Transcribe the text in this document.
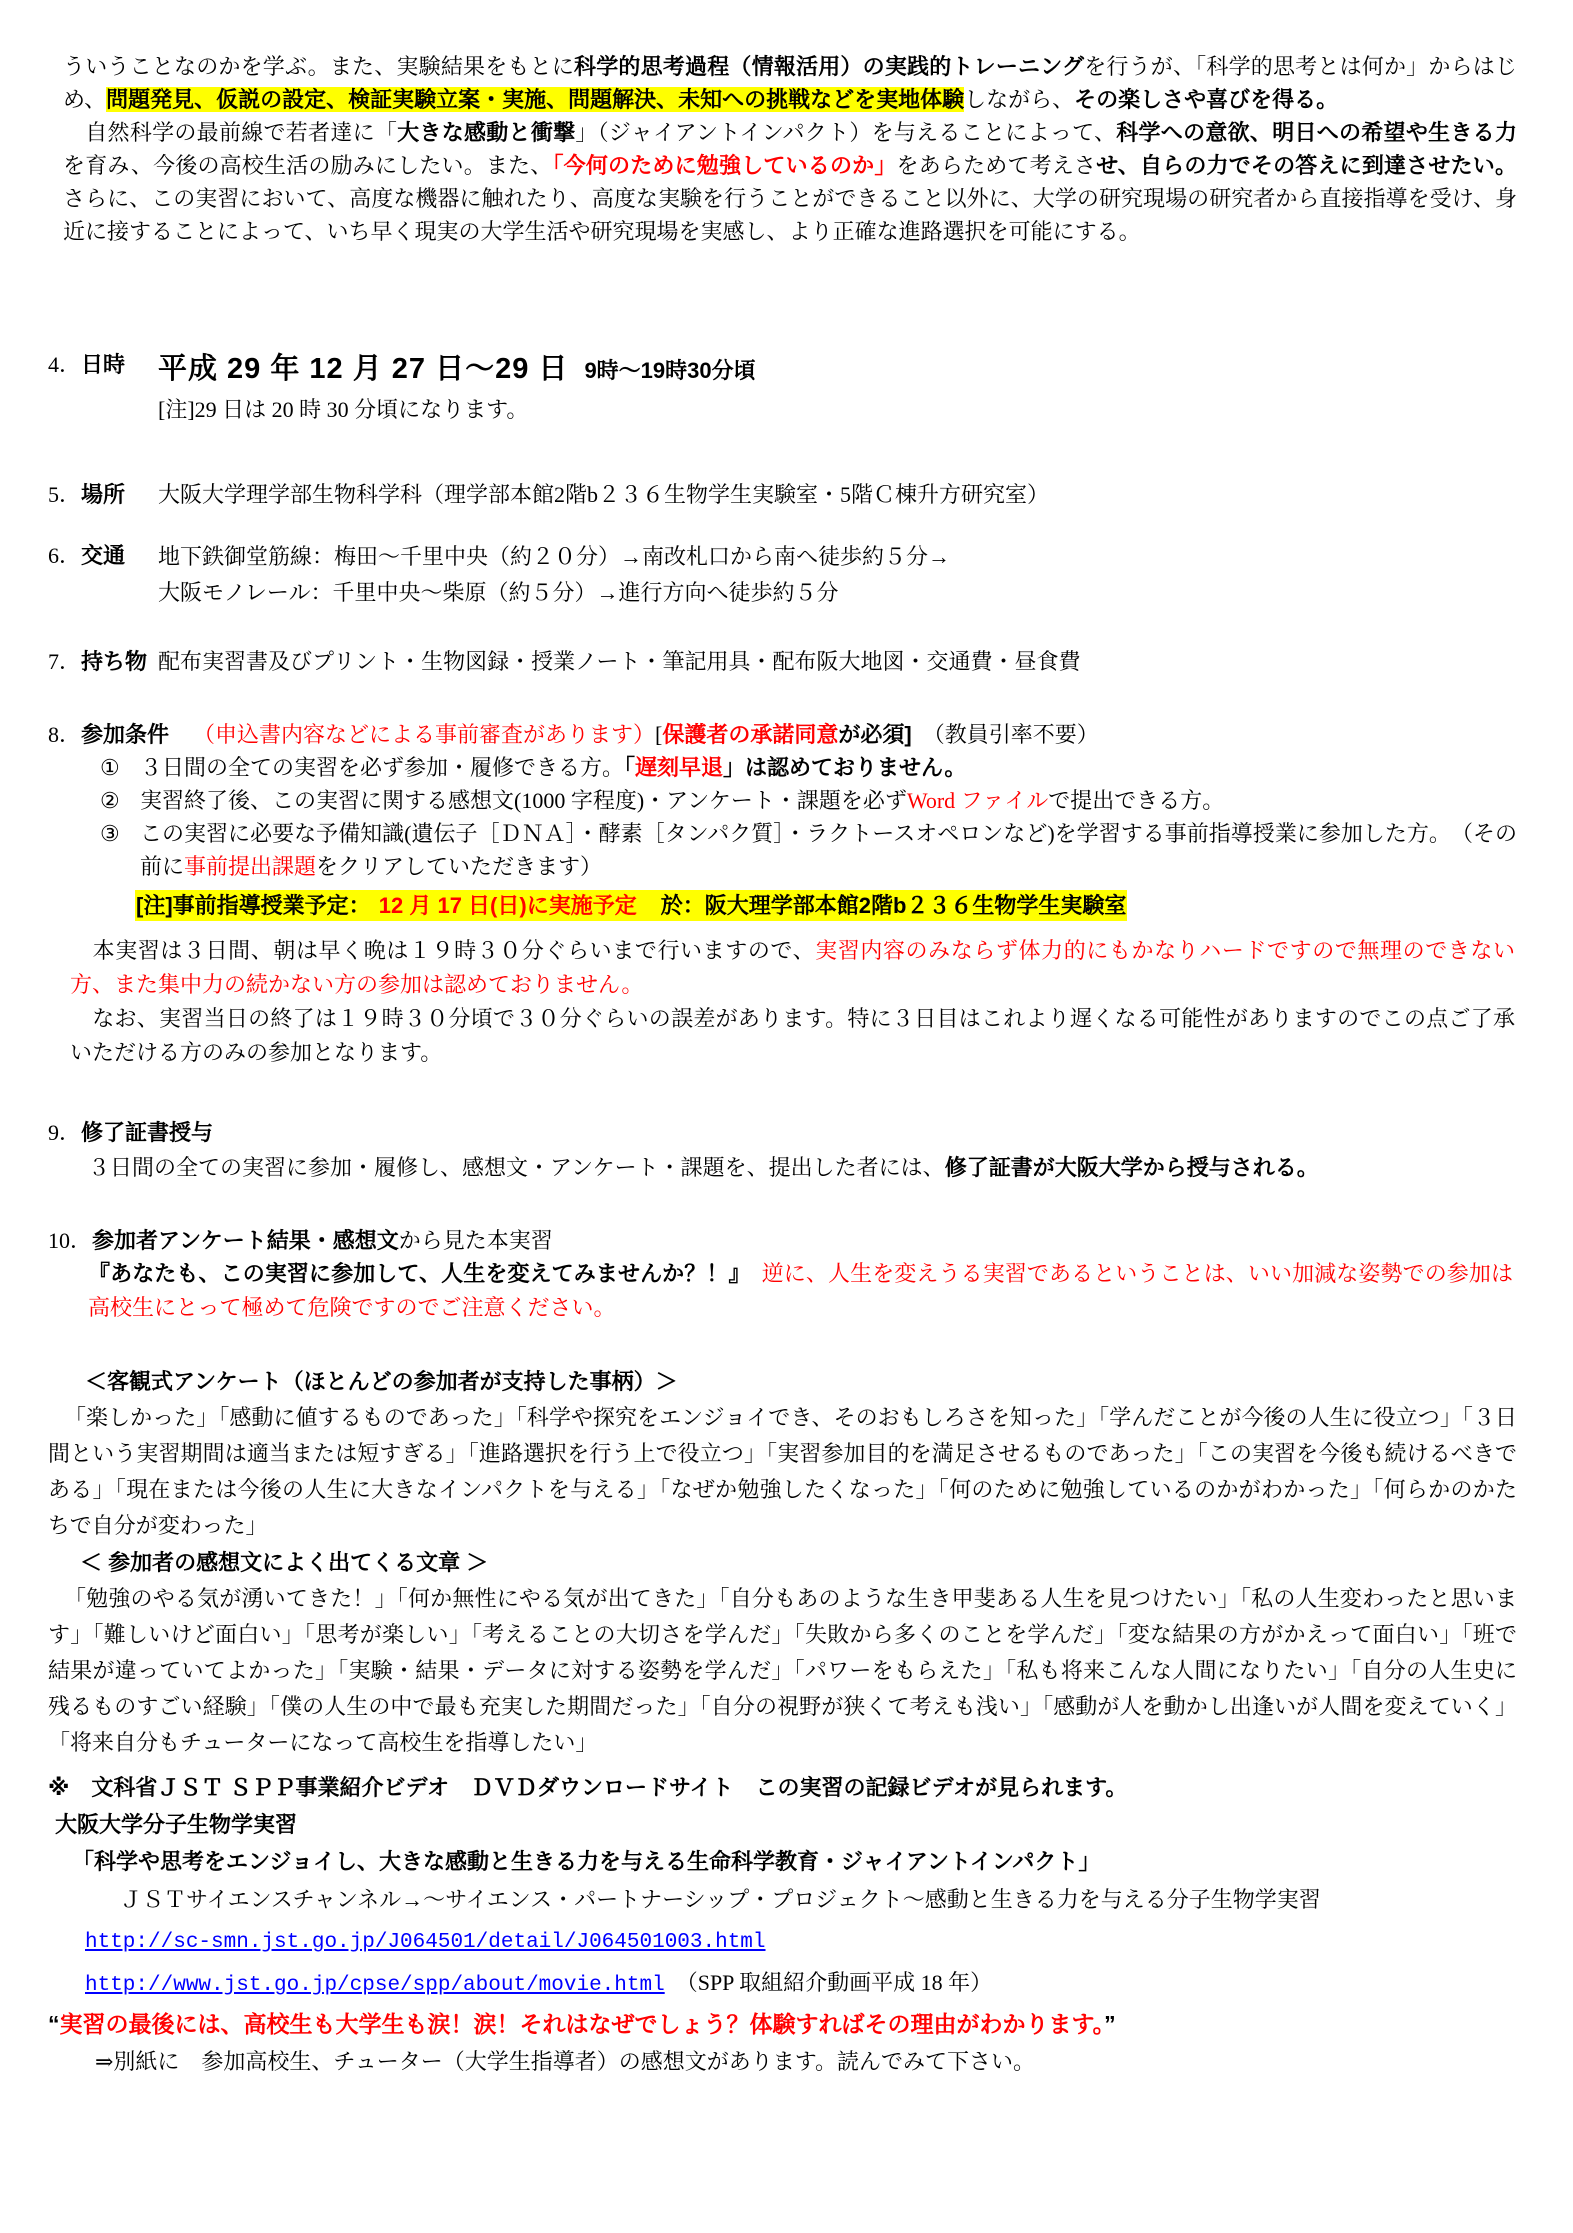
ういうことなのかを学ぶ。また、実験結果をもとに科学的思考過程（情報活用）の実践的トレーニングを行うが、「科学的思考とは何か」からはじめ、問題発見、仮説の設定、検証実験立案・実施、問題解決、未知への挑戦などを実地体験しながら、その楽しさや喜びを得る。

　自然科学の最前線で若者達に「大きな感動と衝撃」（ジャイアントインパクト）を与えることによって、科学への意欲、明日への希望や生きる力を育み、今後の高校生活の励みにしたい。また、「今何のために勉強しているのか」をあらためて考えさせ、自らの力でその答えに到達させたい。さらに、この実習において、高度な機器に触れたり、高度な実験を行うことができること以外に、大学の研究現場の研究者から直接指導を受け、身近に接することによって、いち早く現実の大学生活や研究現場を実感し、より正確な進路選択を可能にする。

4．日時	平成 29 年 12 月 27 日～29 日 9時～19時30分頃
[注]29 日は 20 時 30 分頃になります。
5．場所	大阪大学理学部生物科学科（理学部本館2階b２３６生物学生実験室・5階Ｃ棟升方研究室）
6．交通	地下鉄御堂筋線：梅田～千里中央（約２０分）→南改札口から南へ徒歩約５分→
大阪モノレール：千里中央～柴原（約５分）→進行方向へ徒歩約５分
7．持ち物 配布実習書及びプリント・生物図録・授業ノート・筆記用具・配布阪大地図・交通費・昼食費
8．参加条件	（申込書内容などによる事前審査があります）[保護者の承諾同意が必須]　（教員引率不要）
① ３日間の全ての実習を必ず参加・履修できる方。「遅刻早退」は認めておりません。
② 実習終了後、この実習に関する感想文(1000 字程度)・アンケート・課題を必ずWord ファイルで提出できる方。
③ この実習に必要な予備知識(遺伝子［ＤＮＡ］・酵素［タンパク質］・ラクトースオペロンなど)を学習する事前指導授業に参加した方。　（その前に事前提出課題をクリアしていただきます）
[注]事前指導授業予定： 12 月 17 日(日)に実施予定　於：阪大理学部本館2階b２３６生物学生実験室

　本実習は３日間、朝は早く晩は１９時３０分ぐらいまで行いますので、実習内容のみならず体力的にもかなりハードですので無理のできない方、また集中力の続かない方の参加は認めておりません。

　なお、実習当日の終了は１９時３０分頃で３０分ぐらいの誤差があります。特に３日目はこれより遅くなる可能性がありますのでこの点ご了承いただける方のみの参加となります。

9．修了証書授与

３日間の全ての実習に参加・履修し、感想文・アンケート・課題を、提出した者には、修了証書が大阪大学から授与される。

10．参加者アンケート結果・感想文から見た本実習

『あなたも、この実習に参加して、人生を変えてみませんか？！』　 逆に、人生を変えうる実習であるということは、いい加減な姿勢での参加は高校生にとって極めて危険ですのでご注意ください。

＜客観式アンケート（ほとんどの参加者が支持した事柄）＞

「楽しかった」「感動に値するものであった」「科学や探究をエンジョイでき、そのおもしろさを知った」「学んだことが今後の人生に役立つ」「３日間という実習期間は適当または短すぎる」「進路選択を行う上で役立つ」「実習参加目的を満足させるものであった」「この実習を今後も続けるべきである」「現在または今後の人生に大きなインパクトを与える」「なぜか勉強したくなった」「何のために勉強しているのかがわかった」「何らかのかたちで自分が変わった」

＜ 参加者の感想文によく出てくる文章 ＞

「勉強のやる気が湧いてきた！」「何か無性にやる気が出てきた」「自分もあのような生き甲斐ある人生を見つけたい」「私の人生変わったと思います」「難しいけど面白い」「思考が楽しい」「考えることの大切さを学んだ」「失敗から多くのことを学んだ」「変な結果の方がかえって面白い」「班で結果が違っていてよかった」「実験・結果・データに対する姿勢を学んだ」「パワーをもらえた」「私も将来こんな人間になりたい」「自分の人生史に残るものすごい経験」「僕の人生の中で最も充実した期間だった」「自分の視野が狭くて考えも浅い」「感動が人を動かし出逢いが人間を変えていく」「将来自分もチューターになって高校生を指導したい」

※　文科省ＪＳＴ ＳＰＰ事業紹介ビデオ　ＤＶＤダウンロードサイト　この実習の記録ビデオが見られます。

大阪大学分子生物学実習

「科学や思考をエンジョイし、大きな感動と生きる力を与える生命科学教育・ジャイアントインパクト」

ＪＳＴサイエンスチャンネル→～サイエンス・パートナーシップ・プロジェクト～感動と生きる力を与える分子生物学実習

http://sc-smn.jst.go.jp/J064501/detail/J064501003.html

http://www.jst.go.jp/cpse/spp/about/movie.html　（SPP 取組紹介動画平成 18 年）

“実習の最後には、高校生も大学生も涙！涙！それはなぜでしょう？体験すればその理由がわかります。”

⇒別紙に　参加高校生、チューター（大学生指導者）の感想文があります。読んでみて下さい。
